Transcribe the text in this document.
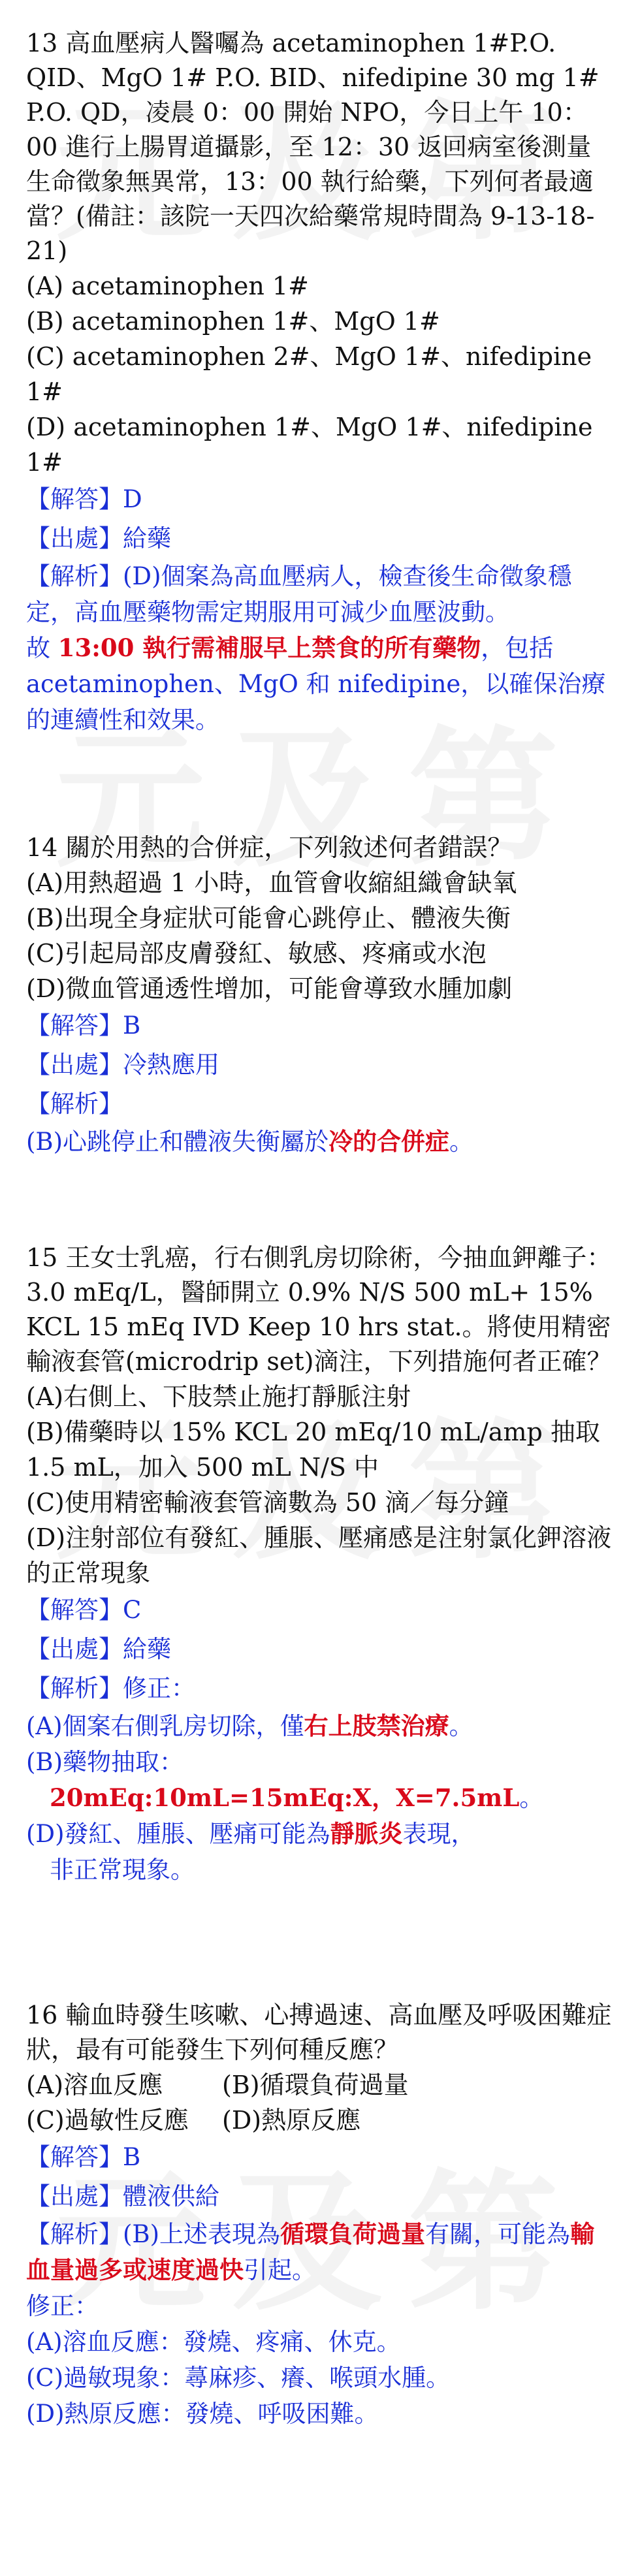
13 高血壓病人醫囑為 acetaminophen 1#P.O. QID、MgO 1# P.O. BID、nifedipine 30 mg 1# P.O. QD，凌晨 0：00 開始 NPO，今日上午 10：00 進行上腸胃道攝影，至 12：30 返回病室後測量生命徵象無異常，13：00 執行給藥，下列何者最適當？(備註：該院一天四次給藥常規時間為 9-13-18-21)

(A) acetaminophen 1#

(B) acetaminophen 1#、MgO 1#

(C) acetaminophen 2#、MgO 1#、nifedipine 1#

(D) acetaminophen 1#、MgO 1#、nifedipine 1#

【解答】D

【出處】給藥

【解析】(D)個案為高血壓病人，檢查後生命徵象穩定，高血壓藥物需定期服用可減少血壓波動。

故 13:00 執行需補服早上禁食的所有藥物，包括 acetaminophen、MgO 和 nifedipine，以確保治療的連續性和效果。

14 關於用熱的合併症，下列敘述何者錯誤？

(A)用熱超過 1 小時，血管會收縮組織會缺氧

(B)出現全身症狀可能會心跳停止、體液失衡

(C)引起局部皮膚發紅、敏感、疼痛或水泡

(D)微血管通透性增加，可能會導致水腫加劇

【解答】B

【出處】冷熱應用

【解析】

(B)心跳停止和體液失衡屬於冷的合併症。

15 王女士乳癌，行右側乳房切除術，今抽血鉀離子：3.0 mEq/L，醫師開立 0.9% N/S 500 mL+ 15% KCL 15 mEq IVD Keep 10 hrs stat.。將使用精密輸液套管(microdrip set)滴注，下列措施何者正確？

(A)右側上、下肢禁止施打靜脈注射

(B)備藥時以 15% KCL 20 mEq/10 mL/amp 抽取 1.5 mL，加入 500 mL N/S 中

(C)使用精密輸液套管滴數為 50 滴／每分鐘

(D)注射部位有發紅、腫脹、壓痛感是注射氯化鉀溶液的正常現象

【解答】C

【出處】給藥

【解析】修正：

(A)個案右側乳房切除，僅右上肢禁治療。

(B)藥物抽取：

20mEq:10mL=15mEq:X，X=7.5mL。

(D)發紅、腫脹、壓痛可能為靜脈炎表現，

非正常現象。

16 輸血時發生咳嗽、心搏過速、高血壓及呼吸困難症狀，最有可能發生下列何種反應？

(A)溶血反應	(B)循環負荷過量

(C)過敏性反應	(D)熱原反應

【解答】B

【出處】體液供給

【解析】(B)上述表現為循環負荷過量有關，可能為輸血量過多或速度過快引起。

修正：

(A)溶血反應：發燒、疼痛、休克。

(C)過敏現象：蕁麻疹、癢、喉頭水腫。

(D)熱原反應：發燒、呼吸困難。
